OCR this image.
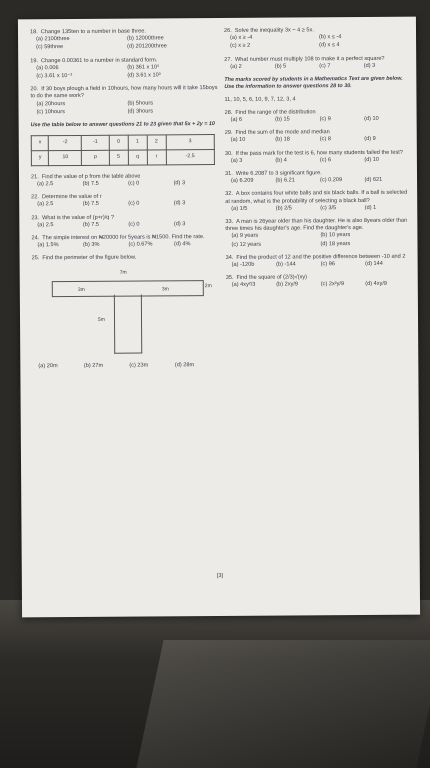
18. Change 135ten to a number in base three.
(a) 2100three	(b) 12000three
(c) 59three	(d) 201200three
19. Change 0.00361 to a number in standard form.
(a) 0.006	(b) 361 x 10⁵
(c) 3.61 x 10⁻³	(d) 3.61 x 10³
20. If 30 boys plough a field in 10hours, how many hours will it take 15boys to do the same work?
(a) 20hours	(b) 5hours
(c) 10hours	(d) 3hours
Use the table below to answer questions 21 to 23 given that 5x + 2y = 10
x	-2	-1	0	1	2	3
y	10	p	5	q	r	-2.5
21. Find the value of p from the table above
(a) 2.5	(b) 7.5	(c) 0	(d) 3
22. Determine the value of r
(a) 2.5	(b) 7.5	(c) 0	(d) 3
23. What is the value of (p+r)/q ?
(a) 2.5	(b) 7.5	(c) 0	(d) 3
24. The simple interest on ₦20000 for 5years is ₦1500. Find the rate.
(a) 1.5%	(b) 3%	(c) 0.67%	(d) 4%
25. Find the perimeter of the figure below.
7m
2m
3m	3m
5m
(a) 20m	(b) 27m	(c) 23m	(d) 28m
26. Solve the inequality 3x − 4 ≥ 5x.
(a) x ≥ -4	(b) x ≤ -4
(c) x ≥ 2	(d) x ≤ 4
27. What number must multiply 108 to make it a perfect square?
(a) 2	(b) 5	(c) 7	(d) 3
The marks scored by students in a Mathematics Test are given below. Use the information to answer questions 28 to 30.
11, 10, 5, 6, 10, 9, 7, 12, 3, 4
28. Find the range of the distribution
(a) 6	(b) 15	(c) 9	(d) 10
29. Find the sum of the mode and median
(a) 10	(b) 18	(c) 8	(d) 9
30. If the pass mark for the test is 6, how many students failed the test?
(a) 3	(b) 4	(c) 6	(d) 10
31. Write 6.2087 to 3 significant figure.
(a) 6.209	(b) 6.21	(c) 0.209	(d) 621
32. A box contains four white balls and six black balls. If a ball is selected at random, what is the probability of selecting a black ball?
(a) 1/5	(b) 2/5	(c) 3/5	(d) 1
33. A man is 26year older than his daughter. He is also 8years older than three times his daughter's age. Find the daughter's age.
(a) 9 years	(b) 10 years
(c) 12 years	(d) 18 years
34. Find the product of 12 and the positive difference between -10 and 2
(a) -120b	(b) -144	(c) 96	(d) 144
35. Find the square of (2/3)√(xy)
(a) 4xy²/3	(b) 2xy/9	(c) 2x²y/9	(d) 4xy/9
[3]
